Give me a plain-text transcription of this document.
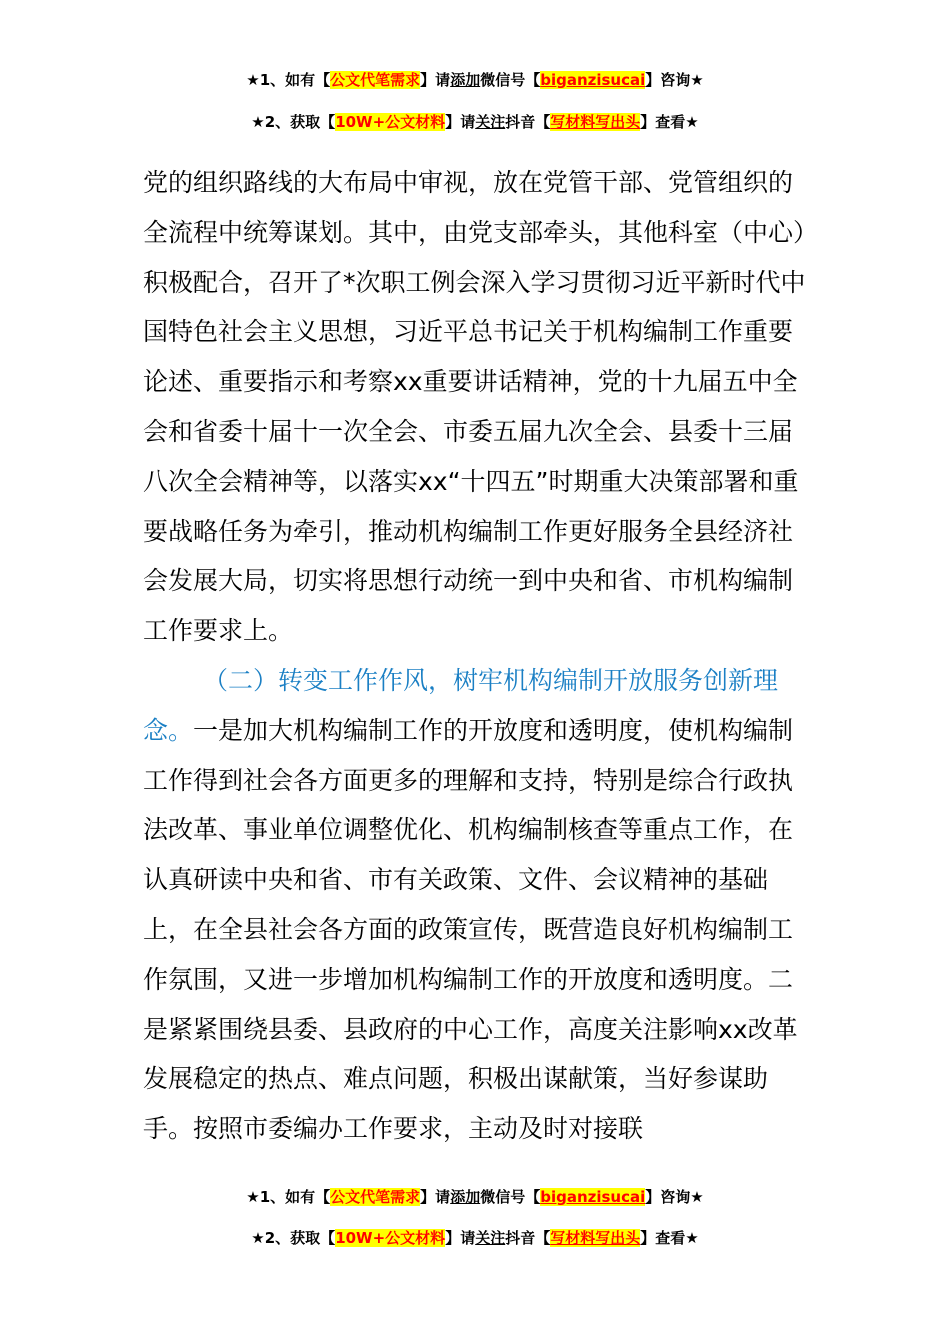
★1、如有【公文代笔需求】请添加微信号【biganzisucai】咨询★
★2、获取【10W+公文材料】请关注抖音【写材料写出头】查看★

党的组织路线的大布局中审视，放在党管干部、党管组织的全流程中统筹谋划。其中，由党支部牵头，其他科室（中心）积极配合，召开了*次职工例会深入学习贯彻习近平新时代中国特色社会主义思想，习近平总书记关于机构编制工作重要论述、重要指示和考察xx重要讲话精神，党的十九届五中全会和省委十届十一次全会、市委五届九次全会、县委十三届八次全会精神等，以落实xx“十四五”时期重大决策部署和重要战略任务为牵引，推动机构编制工作更好服务全县经济社会发展大局，切实将思想行动统一到中央和省、市机构编制工作要求上。

（二）转变工作作风，树牢机构编制开放服务创新理念。一是加大机构编制工作的开放度和透明度，使机构编制工作得到社会各方面更多的理解和支持，特别是综合行政执法改革、事业单位调整优化、机构编制核查等重点工作，在认真研读中央和省、市有关政策、文件、会议精神的基础上，在全县社会各方面的政策宣传，既营造良好机构编制工作氛围，又进一步增加机构编制工作的开放度和透明度。二是紧紧围绕县委、县政府的中心工作，高度关注影响xx改革发展稳定的热点、难点问题，积极出谋献策，当好参谋助手。按照市委编办工作要求，主动及时对接联

★1、如有【公文代笔需求】请添加微信号【biganzisucai】咨询★
★2、获取【10W+公文材料】请关注抖音【写材料写出头】查看★
